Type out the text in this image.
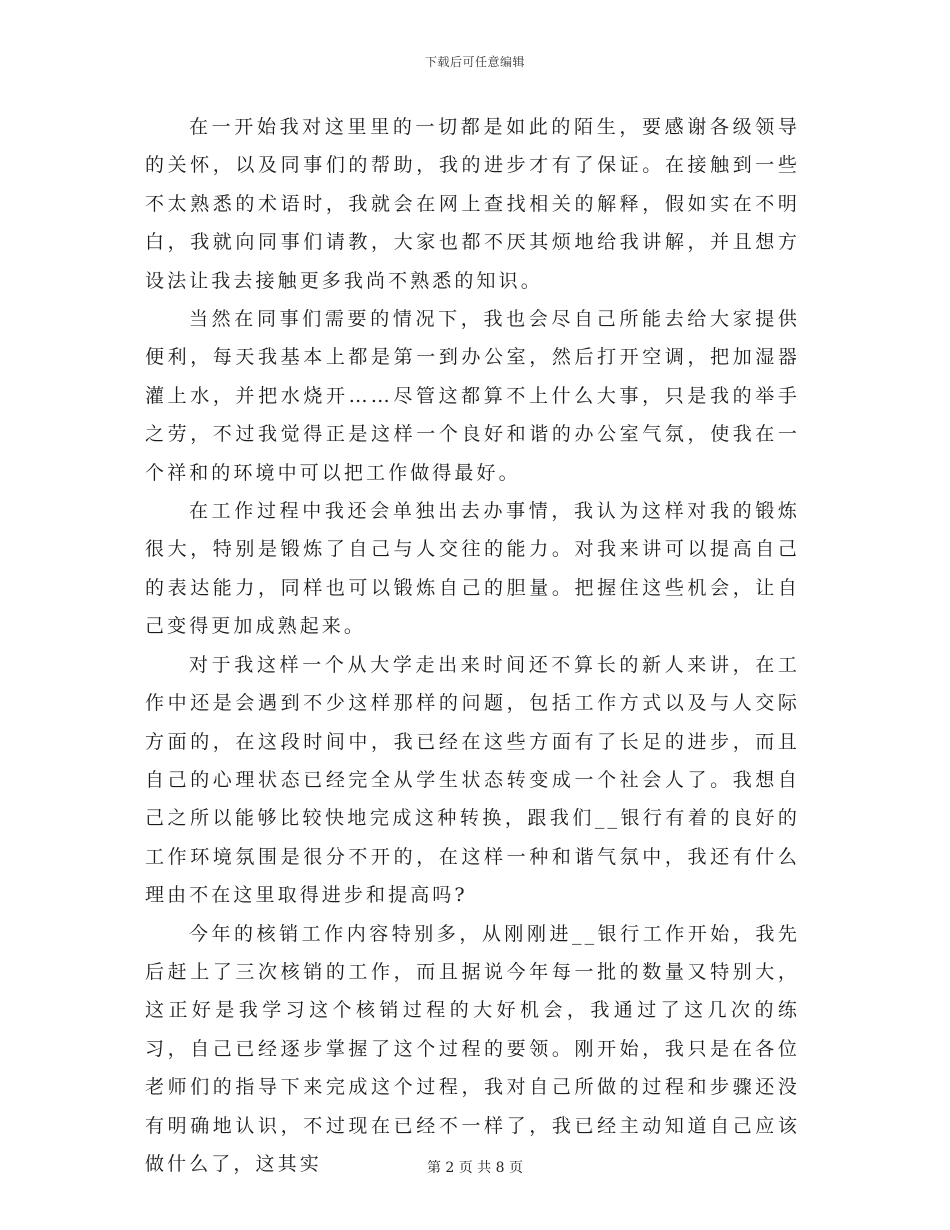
下载后可任意编辑

在一开始我对这里里的一切都是如此的陌生，要感谢各级领导的关怀，以及同事们的帮助，我的进步才有了保证。在接触到一些不太熟悉的术语时，我就会在网上查找相关的解释，假如实在不明白，我就向同事们请教，大家也都不厌其烦地给我讲解，并且想方设法让我去接触更多我尚不熟悉的知识。

当然在同事们需要的情况下，我也会尽自己所能去给大家提供便利，每天我基本上都是第一到办公室，然后打开空调，把加湿器灌上水，并把水烧开……尽管这都算不上什么大事，只是我的举手之劳，不过我觉得正是这样一个良好和谐的办公室气氛，使我在一个祥和的环境中可以把工作做得最好。

在工作过程中我还会单独出去办事情，我认为这样对我的锻炼很大，特别是锻炼了自己与人交往的能力。对我来讲可以提高自己的表达能力，同样也可以锻炼自己的胆量。把握住这些机会，让自己变得更加成熟起来。

对于我这样一个从大学走出来时间还不算长的新人来讲，在工作中还是会遇到不少这样那样的问题，包括工作方式以及与人交际方面的，在这段时间中，我已经在这些方面有了长足的进步，而且自己的心理状态已经完全从学生状态转变成一个社会人了。我想自己之所以能够比较快地完成这种转换，跟我们__银行有着的良好的工作环境氛围是很分不开的，在这样一种和谐气氛中，我还有什么理由不在这里取得进步和提高吗?

今年的核销工作内容特别多，从刚刚进__银行工作开始，我先后赶上了三次核销的工作，而且据说今年每一批的数量又特别大，这正好是我学习这个核销过程的大好机会，我通过了这几次的练习，自己已经逐步掌握了这个过程的要领。刚开始，我只是在各位老师们的指导下来完成这个过程，我对自己所做的过程和步骤还没有明确地认识，不过现在已经不一样了，我已经主动知道自己应该做什么了，这其实	第 2 页 共 8 页
